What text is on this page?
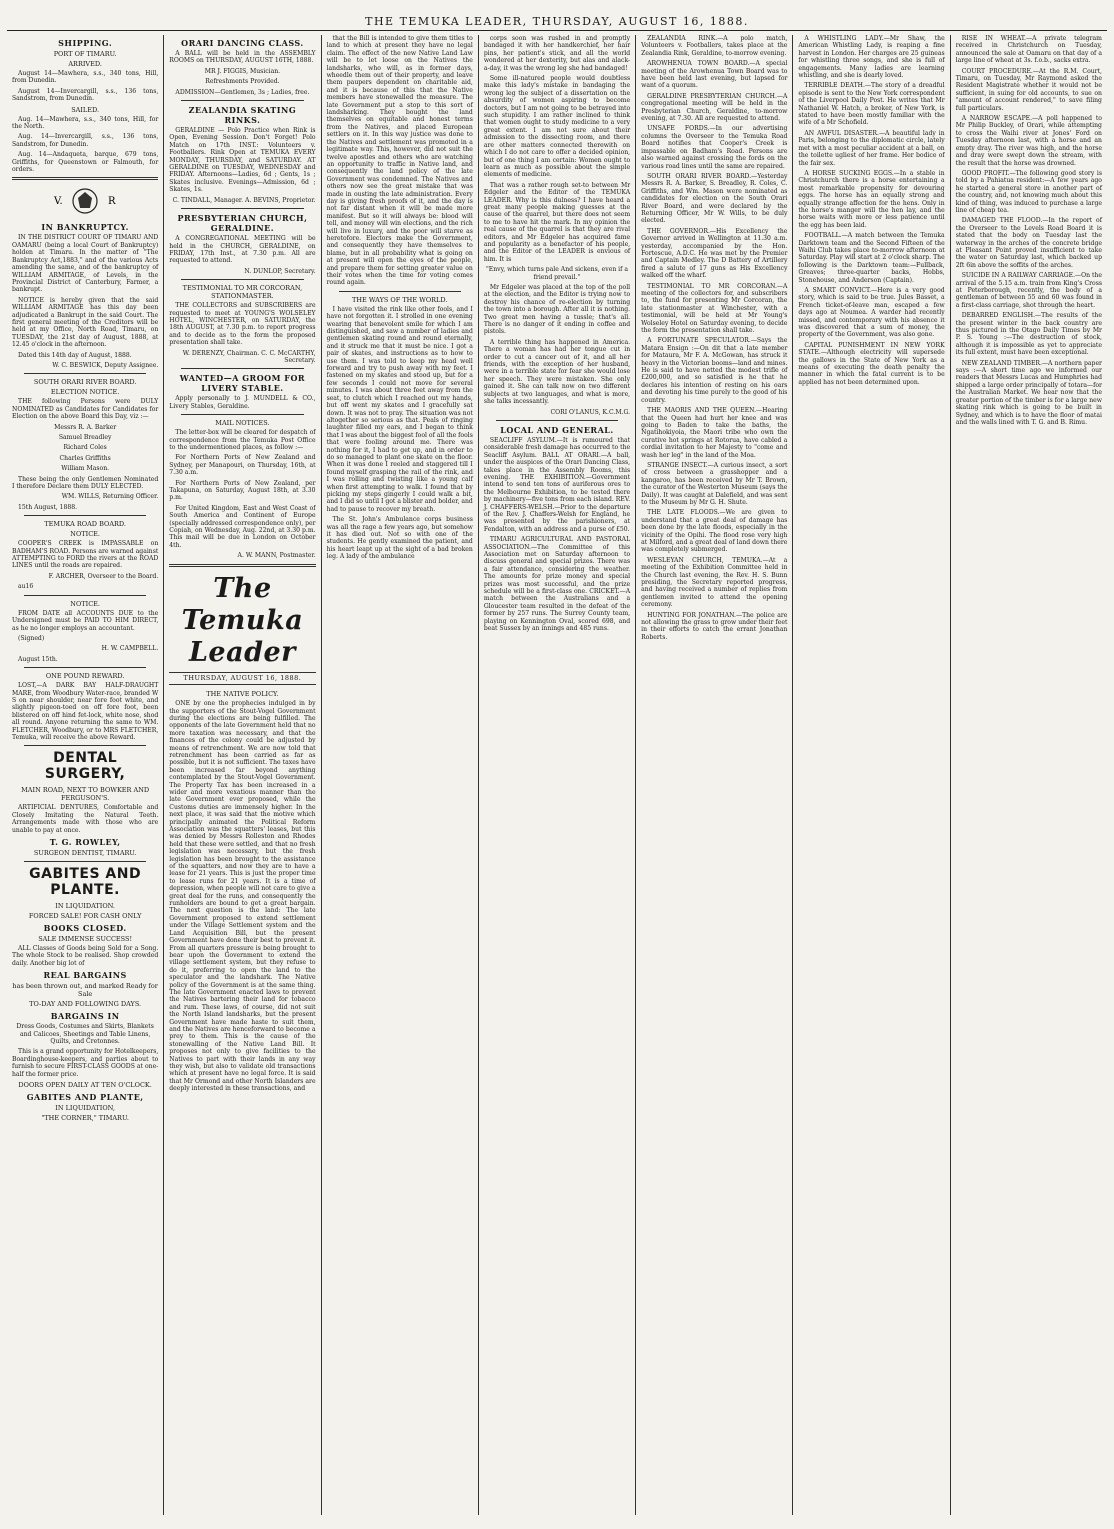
THE TEMUKA LEADER, THURSDAY, AUGUST 16, 1888.
SHIPPING.
PORT OF TIMARU.
ARRIVED.

August 14—Mawhera, s.s., 340 tons, Hill, from Dunedin.

August 14—Invercargill, s.s., 136 tons, Sandstrom, from Dunedin.

SAILED.

Aug. 14—Mawhera, s.s., 340 tons, Hill, for the North.

Aug. 14—Invercargill, s.s., 136 tons, Sandstrom, for Dunedin.

Aug. 14—Andaqueta, barque, 679 tons, Griffiths, for Queenstown or Falmouth, for orders.

V.	R
IN BANKRUPTCY.

IN THE DISTRICT COURT OF TIMARU AND OAMARU (being a local Court of Bankruptcy) holden at Timaru. In the matter of "The Bankruptcy Act,1883," and of the various Acts amending the same, and of the bankruptcy of WILLIAM ARMITAGE, of Levels, in the Provincial District of Canterbury, Farmer, a bankrupt.

NOTICE is hereby given that the said WILLIAM ARMITAGE has this day been adjudicated a Bankrupt in the said Court. The first general meeting of the Creditors will be held at my Office, North Road, Timaru, on TUESDAY, the 21st day of August, 1888, at 12.45 o'clock in the afternoon.

Dated this 14th day of August, 1888.

W. C. BESWICK, Deputy Assignee.

SOUTH ORARI RIVER BOARD.
ELECTION NOTICE.

THE following Persons were DULY NOMINATED as Candidates for Candidates for Election on the above Board this Day, viz :—

Messrs R. A. Barker

Samuel Breadley

Richard Coles

Charles Griffiths

William Mason.

These being the only Gentlemen Nominated I therefore Declare them DULY ELECTED.

WM. WILLS, Returning Officer.

15th August, 1888.

TEMUKA ROAD BOARD.
NOTICE.

COOPER'S CREEK is IMPASSABLE on BADHAM'S ROAD. Persons are warned against ATTEMPTING to FORD the rivers at the ROAD LINES until the roads are repaired.

F. ARCHER, Overseer to the Board.

au16

NOTICE.

FROM DATE all ACCOUNTS DUE to the Undersigned must be PAID TO HIM DIRECT, as he no longer employs an accountant.

(Signed)

H. W. CAMPBELL.

August 15th.

ONE POUND REWARD.

LOST,—A DARK BAY HALF-DRAUGHT MARE, from Woodbury Water-race, branded W S on near shoulder, near fore foot white, and slightly pigeon-toed on off fore foot, been blistered on off hind fet-lock, white nose, shod all round. Anyone returning the same to WM. FLETCHER, Woodbury, or to MRS FLETCHER, Temuka, will receive the above Reward.

DENTAL SURGERY,
MAIN ROAD, NEXT TO BOWKER AND FERGUSON'S.

ARTIFICIAL DENTURES, Comfortable and Closely Imitating the Natural Teeth. Arrangements made with those who are unable to pay at once.

T. G. ROWLEY,
SURGEON DENTIST, TIMARU.
GABITES AND PLANTE.
IN LIQUIDATION.
FORCED SALE! FOR CASH ONLY
BOOKS CLOSED.
SALE IMMENSE SUCCESS!

ALL Classes of Goods being Sold for a Song. The whole Stock to be realised. Shop crowded daily. Another big lot of

REAL BARGAINS
has been thrown out, and marked Ready for Sale
TO-DAY AND FOLLOWING DAYS.
BARGAINS IN

Dress Goods, Costumes and Skirts, Blankets and Calicoes, Sheetings and Table Linens, Quilts, and Cretonnes.

This is a grand opportunity for Hotelkeepers, Boardinghouse-keepers, and parties about to furnish to secure FIRST-CLASS GOODS at one-half the former price.

DOORS OPEN DAILY AT TEN O'CLOCK.
GABITES AND PLANTE,
IN LIQUIDATION,
"THE CORNER," TIMARU.
ORARI DANCING CLASS.

A BALL will be held in the ASSEMBLY ROOMS on THURSDAY, AUGUST 16TH, 1888.

MR J. FIGGIS, Musician.

Refreshments Provided.

ADMISSION—Gentlemen, 3s ; Ladies, free.

ZEALANDIA SKATING RINKS.

GERALDINE — Polo Practice when Rink is Open, Evening Session. Don't Forget! Polo Match on 17th INST.: Volunteers v. Footballers. Rink Open at TEMUKA EVERY MONDAY, THURSDAY, and SATURDAY. AT GERALDINE on TUESDAY, WEDNESDAY and FRIDAY. Afternoons—Ladies, 6d ; Gents, 1s ; Skates inclusive. Evenings—Admission, 6d ; Skates, 1s.

C. TINDALL, Manager. A. BEVINS, Proprietor.

PRESBYTERIAN CHURCH, GERALDINE.

A CONGREGATIONAL MEETING will be held in the CHURCH, GERALDINE, on FRIDAY, 17th Inst., at 7.30 p.m. All are requested to attend.

N. DUNLOP, Secretary.

TESTIMONIAL TO MR CORCORAN, STATIONMASTER.

THE COLLECTORS and SUBSCRIBERS are requested to meet at YOUNG'S WOLSELEY HOTEL, WINCHESTER, on SATURDAY, the 18th AUGUST, at 7.30 p.m. to report progress and to decide as to the form the proposed presentation shall take.

W. DERENZY, Chairman. C. C. McCARTHY, Secretary.

WANTED—A GROOM FOR LIVERY STABLE.

Apply personally to J. MUNDELL & CO., Livery Stables, Geraldine.

MAIL NOTICES.

The letter-box will be cleared for despatch of correspondence from the Temuka Post Office to the undermentioned places, as follow :—

For Northern Ports of New Zealand and Sydney, per Manapouri, on Thursday, 16th, at 7.30 a.m.

For Northern Ports of New Zealand, per Takapuna, on Saturday, August 18th, at 3.30 p.m.

For United Kingdom, East and West Coast of South America and Continent of Europe (specially addressed correspondence only), per Copiah, on Wednesday, Aug. 22nd, at 3.30 p.m. This mail will be due in London on October 4th.

A. W. MANN, Postmaster.

The Temuka Leader
THURSDAY, AUGUST 16, 1888.
THE NATIVE POLICY.

ONE by one the prophecies indulged in by the supporters of the Stout-Vogel Government during the elections are being fulfilled. The opponents of the late Government held that no more taxation was necessary, and that the finances of the colony could be adjusted by means of retrenchment. We are now told that retrenchment has been carried as far as possible, but it is not sufficient. The taxes have been increased far beyond anything contemplated by the Stout-Vogel Government. The Property Tax has been increased in a wider and more vexatious manner than the late Government ever proposed, while the Customs duties are immensely higher. In the next place, it was said that the motive which principally animated the Political Reform Association was the squatters' leases, but this was denied by Messrs Rolleston and Rhodes held that these were settled, and that no fresh legislation was necessary, but the fresh legislation has been brought to the assistance of the squatters, and now they are to have a lease for 21 years. This is just the proper time to lease runs for 21 years. It is a time of depression, when people will not care to give a great deal for the runs, and consequently the runholders are bound to get a great bargain. The next question is the land: The late Government proposed to extend settlement under the Village Settlement system and the Land Acquisition Bill, but the present Government have done their best to prevent it. From all quarters pressure is being brought to bear upon the Government to extend the village settlement system, but they refuse to do it, preferring to open the land to the speculator and the landshark. The Native policy of the Government is at the same thing. The late Government enacted laws to prevent the Natives bartering their land for tobacco and rum. These laws, of course, did not suit the North Island landsharks, but the present Government have made haste to suit them, and the Natives are henceforward to become a prey to them. This is the cause of the stonewalling of the Native Land Bill. It proposes not only to give facilities to the Natives to part with their lands in any way they wish, but also to validate old transactions which at present have no legal force. It is said that Mr Ormond and other North Islanders are deeply interested in these transactions, and

that the Bill is intended to give them titles to land to which at present they have no legal claim. The effect of the new Native Land Law will be to let loose on the Natives the landsharks, who will, as in former days, wheedle them out of their property, and leave them paupers dependent on charitable aid, and it is because of this that the Native members have stonewalled the measure. The late Government put a stop to this sort of landsharking. They bought the land themselves on equitable and honest terms from the Natives, and placed European settlers on it. In this way justice was done to the Natives and settlement was promoted in a legitimate way. This, however, did not suit the twelve apostles and others who are watching an opportunity to traffic in Native land, and consequently the land policy of the late Government was condemned. The Natives and others now see the great mistake that was made in ousting the late administration. Every day is giving fresh proofs of it, and the day is not far distant when it will be made more manifest. But so it will always be: blood will tell, and money will win elections, and the rich will live in luxury, and the poor will starve as heretofore. Electors make the Government, and consequently they have themselves to blame, but in all probability what is going on at present will open the eyes of the people, and prepare them for setting greater value on their votes when the time for voting comes round again.

THE WAYS OF THE WORLD.

I have visited the rink like other fools, and I have not forgotten it. I strolled in one evening wearing that benevolent smile for which I am distinguished, and saw a number of ladies and gentlemen skating round and round eternally, and it struck me that it must be nice. I got a pair of skates, and instructions as to how to use them. I was told to keep my head well forward and try to push away with my feet. I fastened on my skates and stood up, but for a few seconds I could not move for several minutes. I was about three feet away from the seat, to clutch which I reached out my hands, but off went my skates and I gracefully sat down. It was not to pray. The situation was not altogether so serious as that. Peals of ringing laughter filled my ears, and I began to think that I was about the biggest fool of all the fools that were fooling around me. There was nothing for it, I had to get up, and in order to do so managed to plant one skate on the floor. When it was done I reeled and staggered till I found myself grasping the rail of the rink, and I was rolling and twisting like a young calf when first attempting to walk. I found that by picking my steps gingerly I could walk a bit, and I did so until I got a blister and bolder, and had to pause to recover my breath.

The St. John's Ambulance corps business was all the rage a few years ago, but somehow it has died out. Not so with one of the students. He gently examined the patient, and his heart leapt up at the sight of a bad broken leg. A lady of the ambulance

corps soon was rushed in and promptly bandaged it with her handkerchief, her hair pins, her patient's stick, and all the world wondered at her dexterity, but alas and alack-a-day, it was the wrong leg she had bandaged!

Some ill-natured people would doubtless make this lady's mistake in bandaging the wrong leg the subject of a dissertation on the absurdity of women aspiring to become doctors, but I am not going to be betrayed into such stupidity. I am rather inclined to think that women ought to study medicine to a very great extent. I am not sure about their admission to the dissecting room, and there are other matters connected therewith on which I do not care to offer a decided opinion, but of one thing I am certain: Women ought to learn as much as possible about the simple elements of medicine.

That was a rather rough set-to between Mr Edgeler and the Editor of the TEMUKA LEADER. Why is this dulness? I have heard a great many people making guesses at the cause of the quarrel, but there does not seem to me to have hit the mark. In my opinion the real cause of the quarrel is that they are rival editors, and Mr Edgeler has acquired fame and popularity as a benefactor of his people, and the Editor of the LEADER is envious of him. It is

"Envy, which turns pale And sickens, even if a friend prevail."

Mr Edgeler was placed at the top of the poll at the election, and the Editor is trying now to destroy his chance of re-election by turning the town into a borough. After all it is nothing. Two great men having a tussle; that's all. There is no danger of it ending in coffee and pistols.

A terrible thing has happened in America. There a woman has had her tongue cut in order to cut a cancer out of it, and all her friends, with the exception of her husband, were in a terrible state for fear she would lose her speech. They were mistaken. She only gained it. She can talk now on two different subjects at two languages, and what is more, she talks incessantly.

CORI O'LANUS, K.C.M.G.

LOCAL AND GENERAL.

SEACLIFF ASYLUM.—It is rumoured that considerable fresh damage has occurred to the Seacliff Asylum. BALL AT ORARI.—A ball, under the auspices of the Orari Dancing Class, takes place in the Assembly Rooms, this evening. THE EXHIBITION.—Government intend to send ten tons of auriferous ores to the Melbourne Exhibition, to be tested there by machinery—five tons from each island. REV. J. CHAFFERS-WELSH.—Prior to the departure of the Rev. J. Chaffers-Welsh for England, he was presented by the parishioners, at Fendalton, with an address and a purse of £50.

TIMARU AGRICULTURAL AND PASTORAL ASSOCIATION.—The Committee of this Association met on Saturday afternoon to discuss general and special prizes. There was a fair attendance, considering the weather. The amounts for prize money and special prizes was most successful, and the prize schedule will be a first-class one. CRICKET.—A match between the Australians and a Gloucester team resulted in the defeat of the former by 257 runs. The Surrey County team, playing on Kennington Oval, scored 698, and beat Sussex by an innings and 485 runs.

ZEALANDIA RINK.—A polo match, Volunteers v. Footballers, takes place at the Zealandia Rink, Geraldine, to-morrow evening.

AROWHENUA TOWN BOARD.—A special meeting of the Arowhenua Town Board was to have been held last evening, but lapsed for want of a quorum.

GERALDINE PRESBYTERIAN CHURCH.—A congregational meeting will be held in the Presbyterian Church, Geraldine, to-morrow evening, at 7.30. All are requested to attend.

UNSAFE FORDS.—In our advertising columns the Overseer to the Temuka Road Board notifies that Cooper's Creek is impassable on Badham's Road. Persons are also warned against crossing the fords on the various road lines until the same are repaired.

SOUTH ORARI RIVER BOARD.—Yesterday Messrs R. A. Barker, S. Breadley, R. Coles, C. Griffiths, and Wm. Mason were nominated as candidates for election on the South Orari River Board, and were declared by the Returning Officer, Mr W. Wills, to be duly elected.

THE GOVERNOR.—His Excellency the Governor arrived in Wellington at 11.30 a.m. yesterday, accompanied by the Hon. Fortescue, A.D.C. He was met by the Premier and Captain Medley. The D Battery of Artillery fired a salute of 17 guns as His Excellency walked off the wharf.

TESTIMONIAL TO MR CORCORAN.—A meeting of the collectors for, and subscribers to, the fund for presenting Mr Corcoran, the late stationmaster at Winchester, with a testimonial, will be held at Mr Young's Wolseley Hotel on Saturday evening, to decide the form the presentation shall take.

A FORTUNATE SPECULATOR.—Says the Matara Ensign :—On dit that a late member for Mataura, Mr F. A. McGowan, has struck it heavy in the Victorian booms—land and mines. He is said to have netted the modest trifle of £200,000, and so satisfied is he that he declares his intention of resting on his oars and devoting his time purely to the good of his country.

THE MAORIS AND THE QUEEN.—Hearing that the Queen had hurt her knee and was going to Baden to take the baths, the Ngatihokiyoia, the Maori tribe who own the curative hot springs at Rotorua, have cabled a cordial invitation to her Majesty to "come and wash her leg" in the land of the Moa.

STRANGE INSECT.—A curious insect, a sort of cross between a grasshopper and a kangaroo, has been received by Mr T. Brown, the curator of the Westerton Museum (says the Daily). It was caught at Dalefield, and was sent to the Museum by Mr G. H. Shute.

THE LATE FLOODS.—We are given to understand that a great deal of damage has been done by the late floods, especially in the vicinity of the Opihi. The flood rose very high at Milford, and a great deal of land down there was completely submerged.

WESLEYAN CHURCH, TEMUKA.—At a meeting of the Exhibition Committee held in the Church last evening, the Rev. H. S. Bunn presiding, the Secretary reported progress, and having received a number of replies from gentlemen invited to attend the opening ceremony.

HUNTING FOR JONATHAN.—The police are not allowing the grass to grow under their feet in their efforts to catch the errant Jonathan Roberts.

A WHISTLING LADY.—Mr Shaw, the American Whistling Lady, is reaping a fine harvest in London. Her charges are 25 guineas for whistling three songs, and she is full of engagements. Many ladies are learning whistling, and she is dearly loved.

TERRIBLE DEATH.—The story of a dreadful episode is sent to the New York correspondent of the Liverpool Daily Post. He writes that Mr Nathaniel W. Hatch, a broker, of New York, is stated to have been mostly familiar with the wife of a Mr Schofield.

AN AWFUL DISASTER.—A beautiful lady in Paris, belonging to the diplomatic circle, lately met with a most peculiar accident at a ball, on the toilette ugliest of her frame. Her bodice of the fair sex.

A HORSE SUCKING EGGS.—In a stable in Christchurch there is a horse entertaining a most remarkable propensity for devouring eggs. The horse has an equally strong and equally strange affection for the hens. Only in the horse's manger will the hen lay, and the horse waits with more or less patience until the egg has been laid.

FOOTBALL.—A match between the Temuka Darktown team and the Second Fifteen of the Waihi Club takes place to-morrow afternoon at Saturday. Play will start at 2 o'clock sharp. The following is the Darktown team:—Fullback, Greaves; three-quarter backs, Hobbs, Stonehouse, and Anderson (Captain).

A SMART CONVICT.—Here is a very good story, which is said to be true. Jules Basset, a French ticket-of-leave man, escaped a few days ago at Noumea. A warder had recently missed, and contemporary with his absence it was discovered that a sum of money, the property of the Government, was also gone.

CAPITAL PUNISHMENT IN NEW YORK STATE.—Although electricity will supersede the gallows in the State of New York as a means of executing the death penalty the manner in which the fatal current is to be applied has not been determined upon.

RISE IN WHEAT.—A private telegram received in Christchurch on Tuesday, announced the sale at Oamaru on that day of a large line of wheat at 3s. f.o.b., sacks extra.

COURT PROCEDURE.—At the R.M. Court, Timaru, on Tuesday, Mr Raymond asked the Resident Magistrate whether it would not be sufficient, in suing for old accounts, to sue on "amount of account rendered," to save filing full particulars.

A NARROW ESCAPE.—A poll happened to Mr Philip Buckley, of Orari, while attempting to cross the Waihi river at Jones' Ford on Tuesday afternoon last, with a horse and an empty dray. The river was high, and the horse and dray were swept down the stream, with the result that the horse was drowned.

GOOD PROFIT.—The following good story is told by a Pahiatua resident:—A few years ago he started a general store in another part of the country, and, not knowing much about this kind of thing, was induced to purchase a large line of cheap tea.

DAMAGED THE FLOOD.—In the report of the Overseer to the Levels Road Board it is stated that the body on Tuesday last the waterway in the arches of the concrete bridge at Pleasant Point proved insufficient to take the water on Saturday last, which backed up 2ft 6in above the soffits of the arches.

SUICIDE IN A RAILWAY CARRIAGE.—On the arrival of the 5.15 a.m. train from King's Cross at Peterborough, recently, the body of a gentleman of between 55 and 60 was found in a first-class carriage, shot through the heart.

DEBARRED ENGLISH.—The results of the the present winter in the back country are thus pictured in the Otago Daily Times by Mr P. S. Young :—The destruction of stock, although it is impossible as yet to appreciate its full extent, must have been exceptional.

NEW ZEALAND TIMBER.—A northern paper says :—A short time ago we informed our readers that Messrs Lucas and Humphries had shipped a large order principally of totara—for the Australian Market. We hear now that the greater portion of the timber is for a large new skating rink which is going to be built in Sydney, and which is to have the floor of matai and the walls lined with T. G. and B. Rimu.
